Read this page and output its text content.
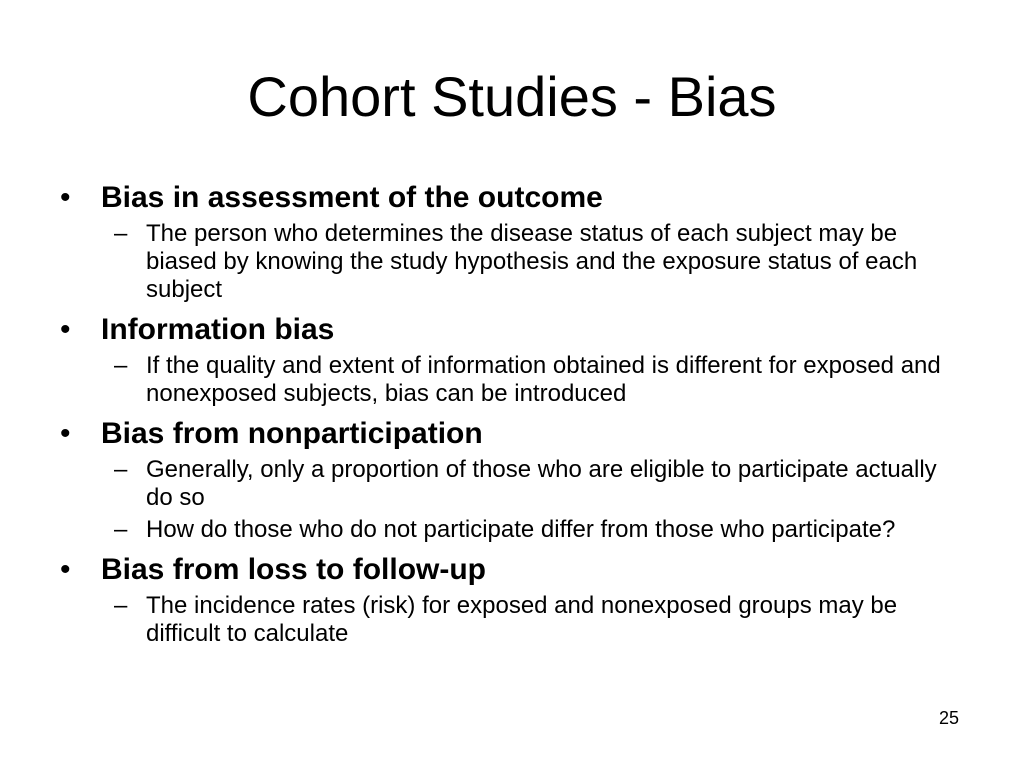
Cohort Studies - Bias
• Bias in assessment of the outcome
– The person who determines the disease status of each subject may be biased by knowing the study hypothesis and the exposure status of each subject
• Information bias
– If the quality and extent of information obtained is different for exposed and nonexposed subjects, bias can be introduced
• Bias from nonparticipation
– Generally, only a proportion of those who are eligible to participate actually do so
– How do those who do not participate differ from those who participate?
• Bias from loss to follow-up
– The incidence rates (risk) for exposed and nonexposed groups may be difficult to calculate
25
